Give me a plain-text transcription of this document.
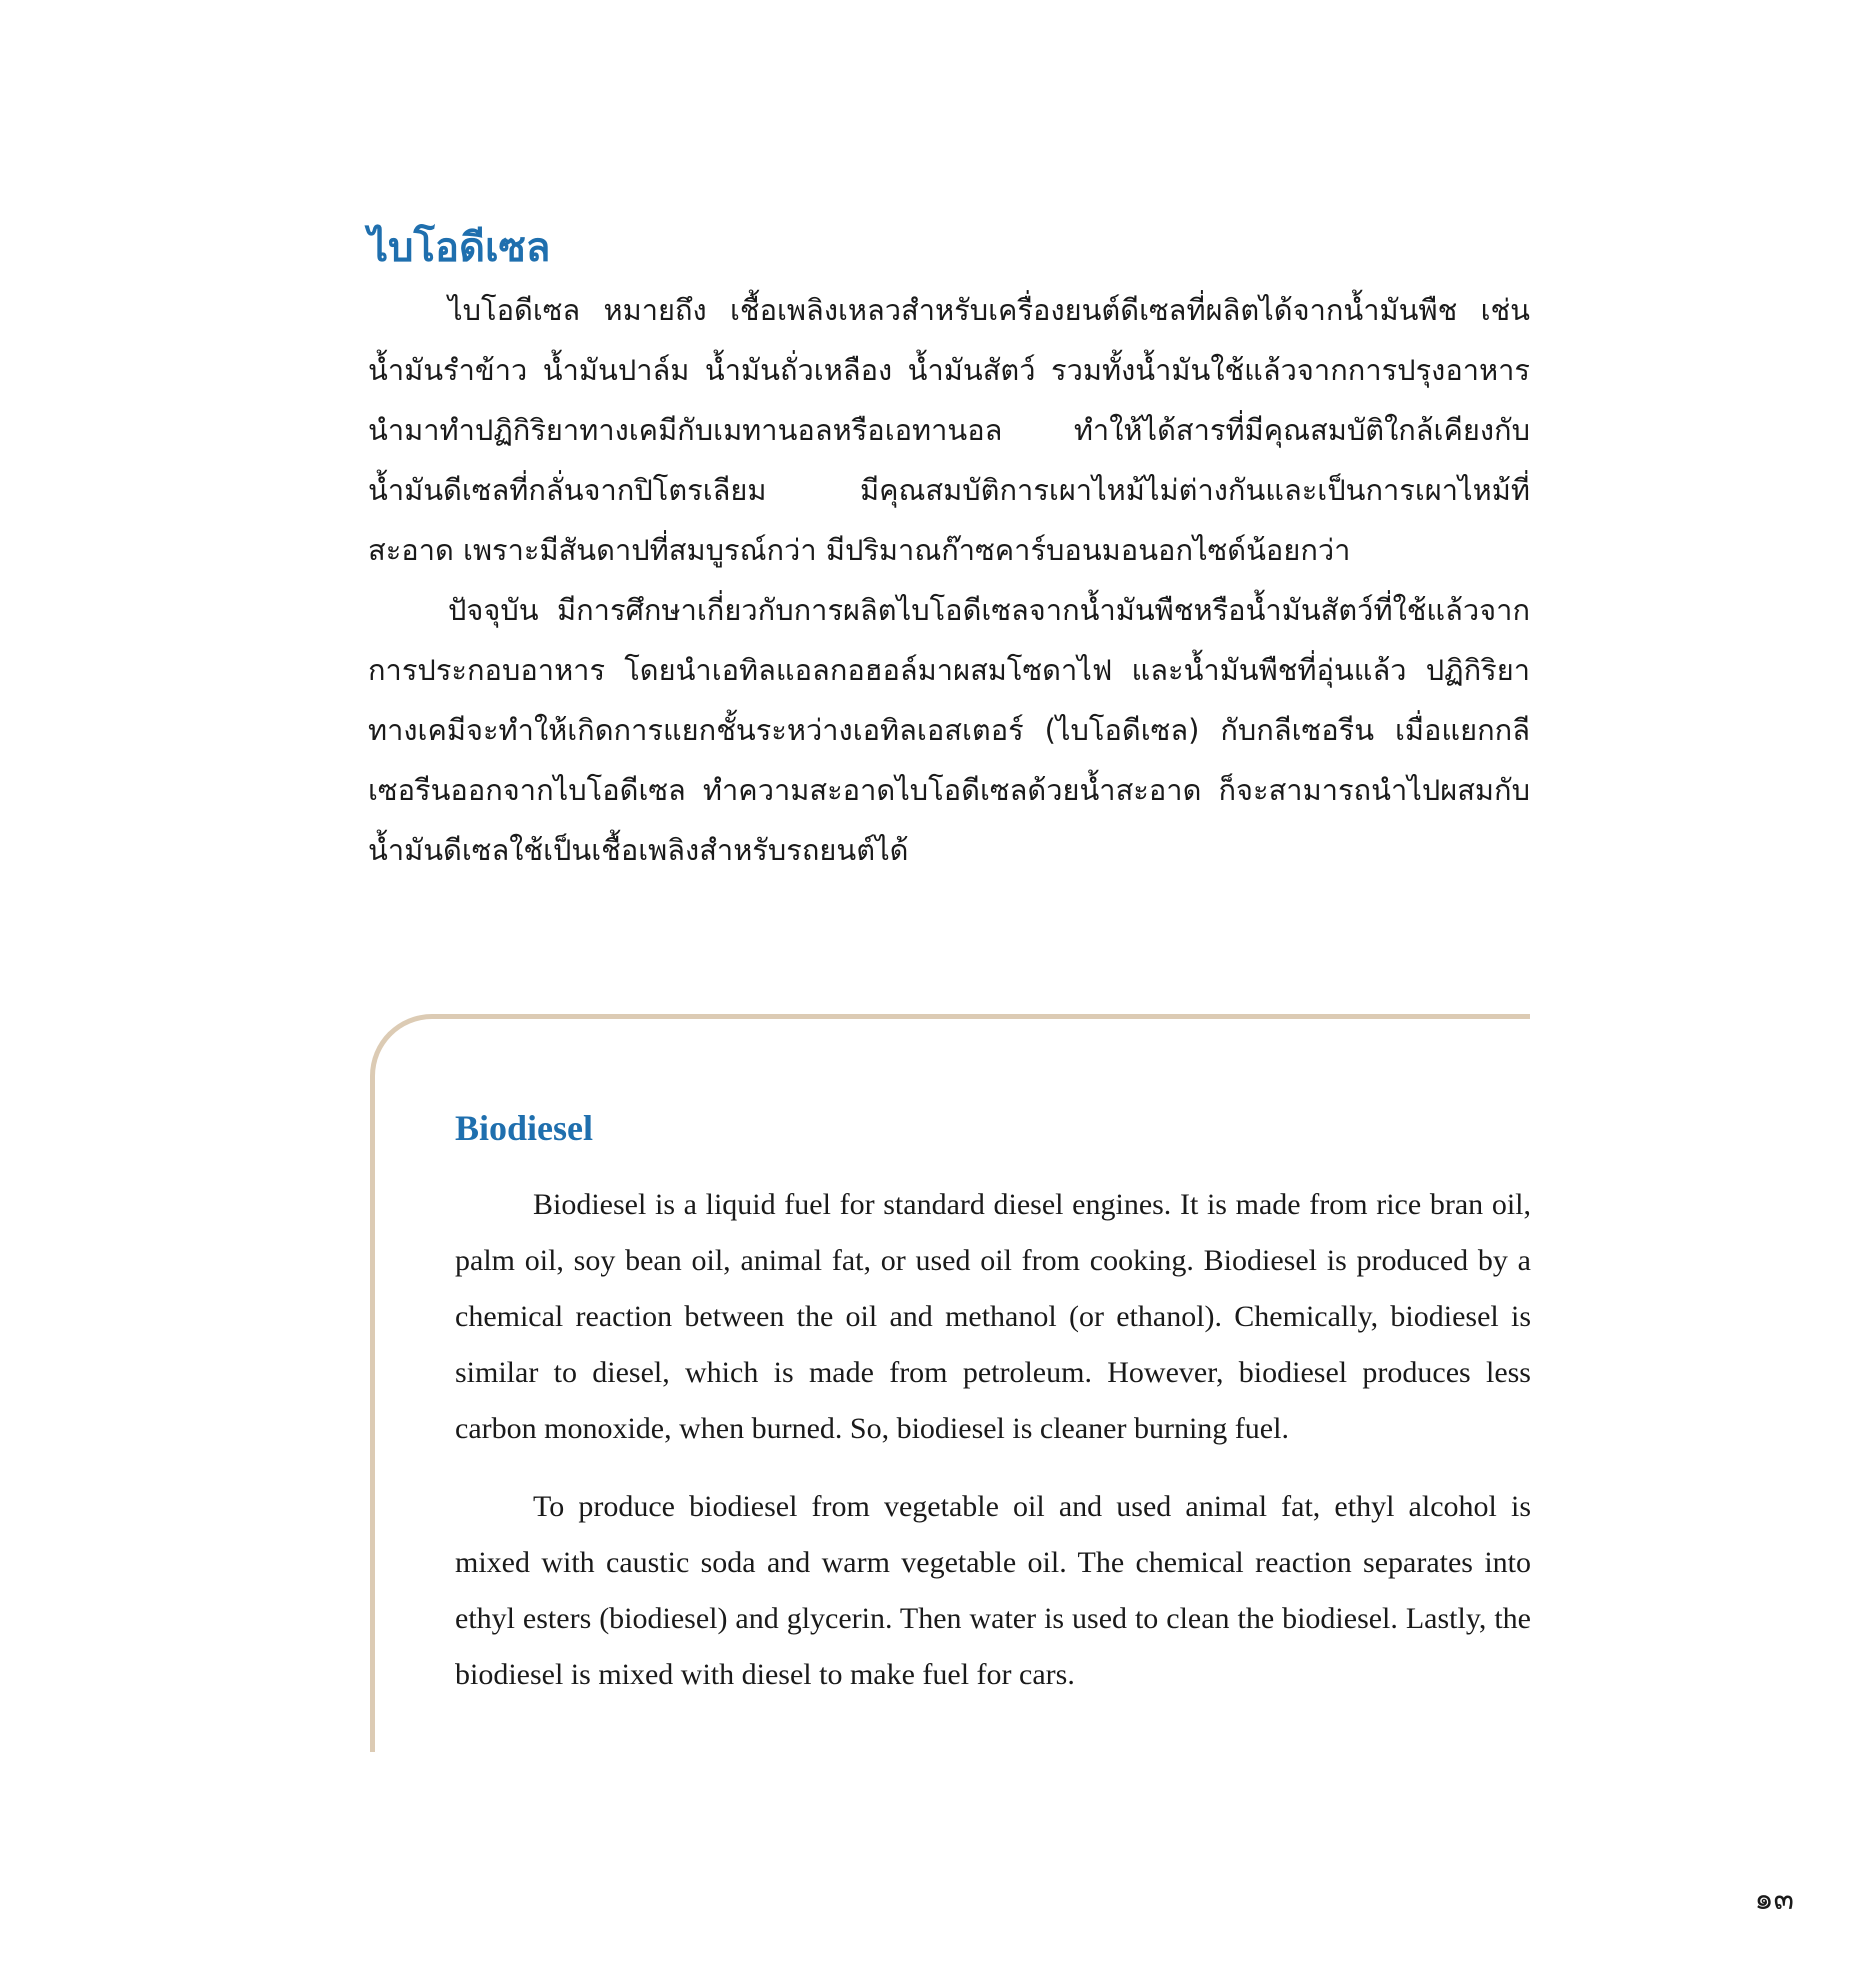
ไบโอดีเซล

ไบโอดีเซล หมายถึง เชื้อเพลิงเหลวสำหรับเครื่องยนต์ดีเซลที่ผลิตได้จากน้ำมันพืช เช่น น้ำมันรำข้าว น้ำมันปาล์ม น้ำมันถั่วเหลือง น้ำมันสัตว์ รวมทั้งน้ำมันใช้แล้วจากการปรุงอาหาร นำมาทำปฏิกิริยาทางเคมีกับเมทานอลหรือเอทานอล ทำให้ได้สารที่มีคุณสมบัติใกล้เคียงกับน้ำมันดีเซลที่กลั่นจากปิโตรเลียม มีคุณสมบัติการเผาไหม้ไม่ต่างกันและเป็นการเผาไหม้ที่สะอาด เพราะมีสันดาปที่สมบูรณ์กว่า มีปริมาณก๊าซคาร์บอนมอนอกไซด์น้อยกว่า

ปัจจุบัน มีการศึกษาเกี่ยวกับการผลิตไบโอดีเซลจากน้ำมันพืชหรือน้ำมันสัตว์ที่ใช้แล้วจากการประกอบอาหาร โดยนำเอทิลแอลกอฮอล์มาผสมโซดาไฟ และน้ำมันพืชที่อุ่นแล้ว ปฏิกิริยาทางเคมีจะทำให้เกิดการแยกชั้นระหว่างเอทิลเอสเตอร์ (ไบโอดีเซล) กับกลีเซอรีน เมื่อแยกกลีเซอรีนออกจากไบโอดีเซล ทำความสะอาดไบโอดีเซลด้วยน้ำสะอาด ก็จะสามารถนำไปผสมกับน้ำมันดีเซลใช้เป็นเชื้อเพลิงสำหรับรถยนต์ได้

Biodiesel

Biodiesel is a liquid fuel for standard diesel engines. It is made from rice bran oil, palm oil, soy bean oil, animal fat, or used oil from cooking. Biodiesel is produced by a chemical reaction between the oil and methanol (or ethanol). Chemically, biodiesel is similar to diesel, which is made from petroleum. However, biodiesel produces less carbon monoxide, when burned. So, biodiesel is cleaner burning fuel.

To produce biodiesel from vegetable oil and used animal fat, ethyl alcohol is mixed with caustic soda and warm vegetable oil. The chemical reaction separates into ethyl esters (biodiesel) and glycerin. Then water is used to clean the biodiesel. Lastly, the biodiesel is mixed with diesel to make fuel for cars.

๑๓
